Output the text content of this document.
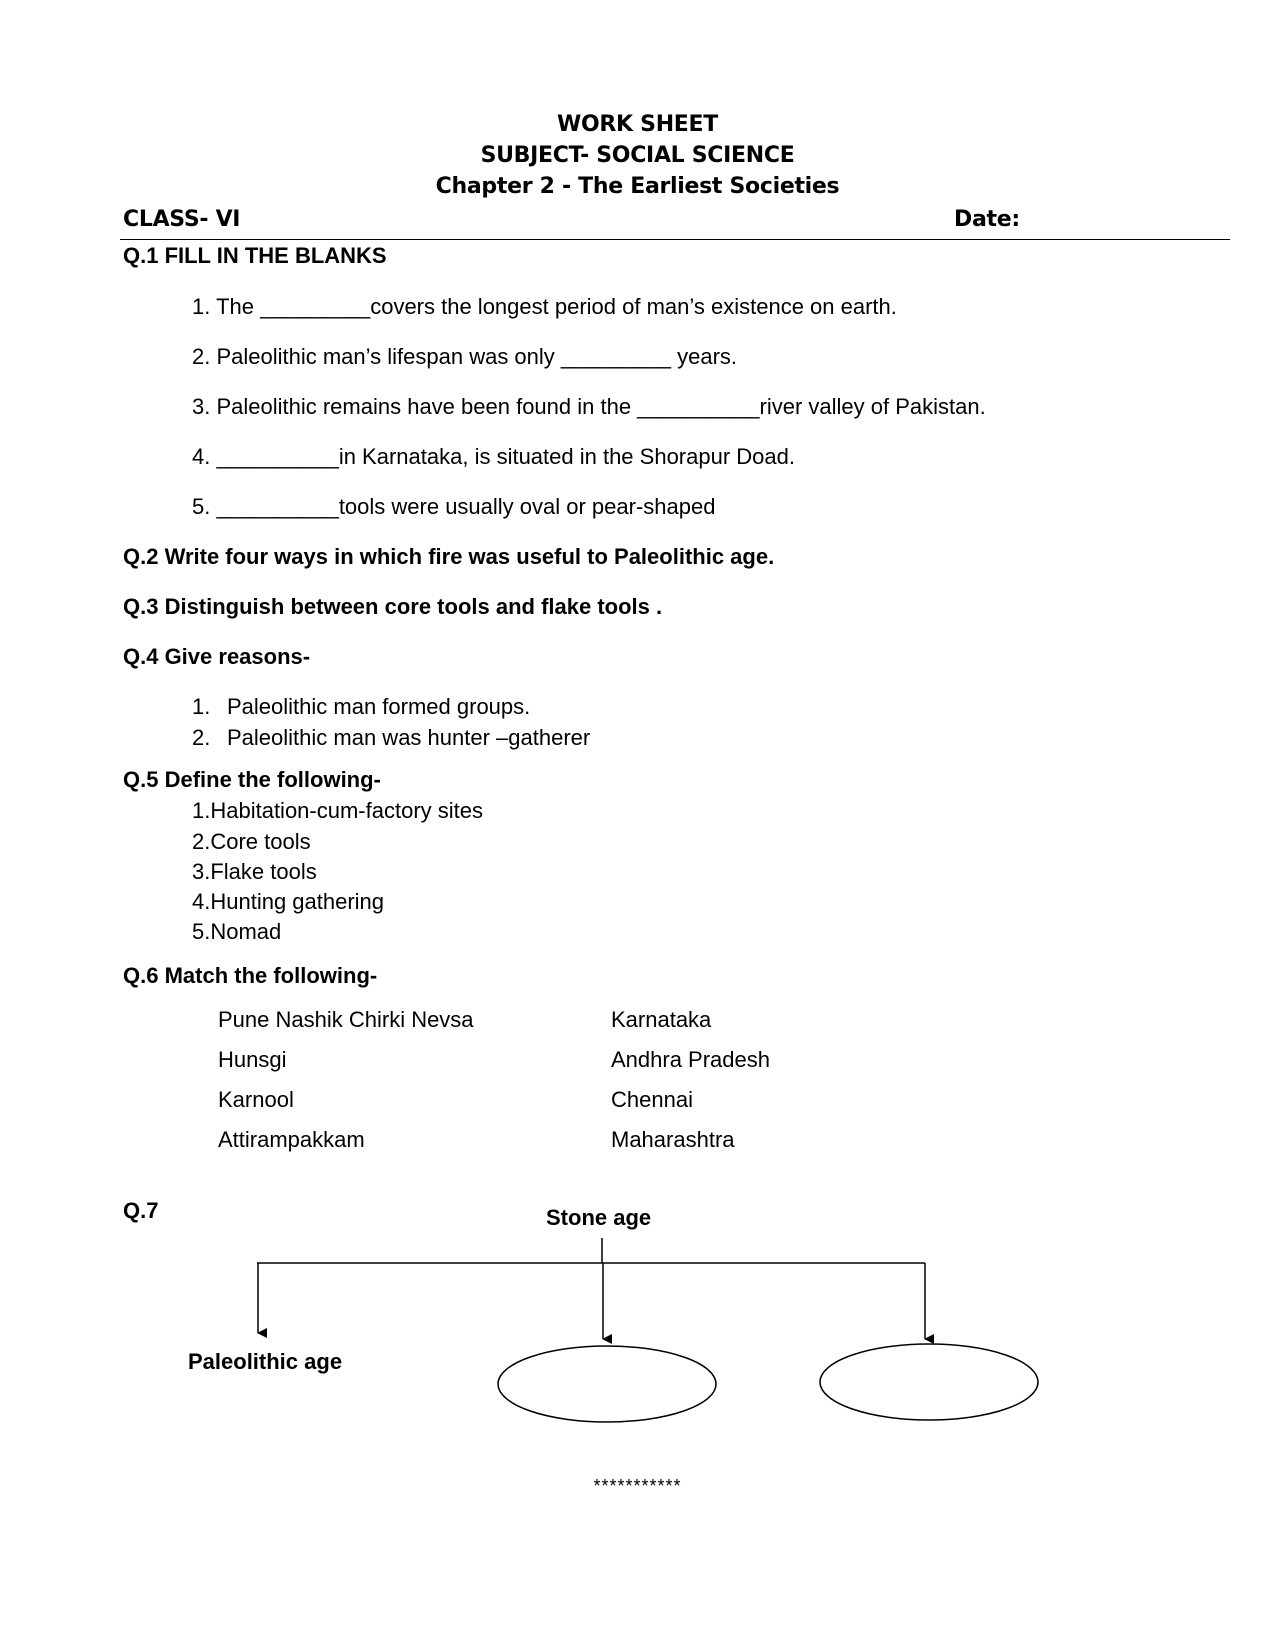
WORK SHEET
SUBJECT- SOCIAL SCIENCE
Chapter 2 - The Earliest Societies
CLASS- VI	Date:
Q.1 FILL IN THE BLANKS
1. The _________covers the longest period of man’s existence on earth.
2. Paleolithic man’s lifespan was only _________ years.
3. Paleolithic remains have been found in the __________river valley of Pakistan.
4. __________in Karnataka, is situated in the Shorapur Doad.
5. __________tools were usually oval or pear-shaped
Q.2 Write four ways in which fire was useful to Paleolithic age.
Q.3 Distinguish between core tools and flake tools .
Q.4 Give reasons-
1. Paleolithic man formed groups.
2. Paleolithic man was hunter –gatherer
Q.5 Define the following-
1.Habitation-cum-factory sites
2.Core tools
3.Flake tools
4.Hunting gathering
5.Nomad
Q.6 Match the following-
Pune Nashik Chirki Nevsa
Hunsgi
Karnool
Attirampakkam
Karnataka
Andhra Pradesh
Chennai
Maharashtra
Q.7	Stone age
Paleolithic age
***********
